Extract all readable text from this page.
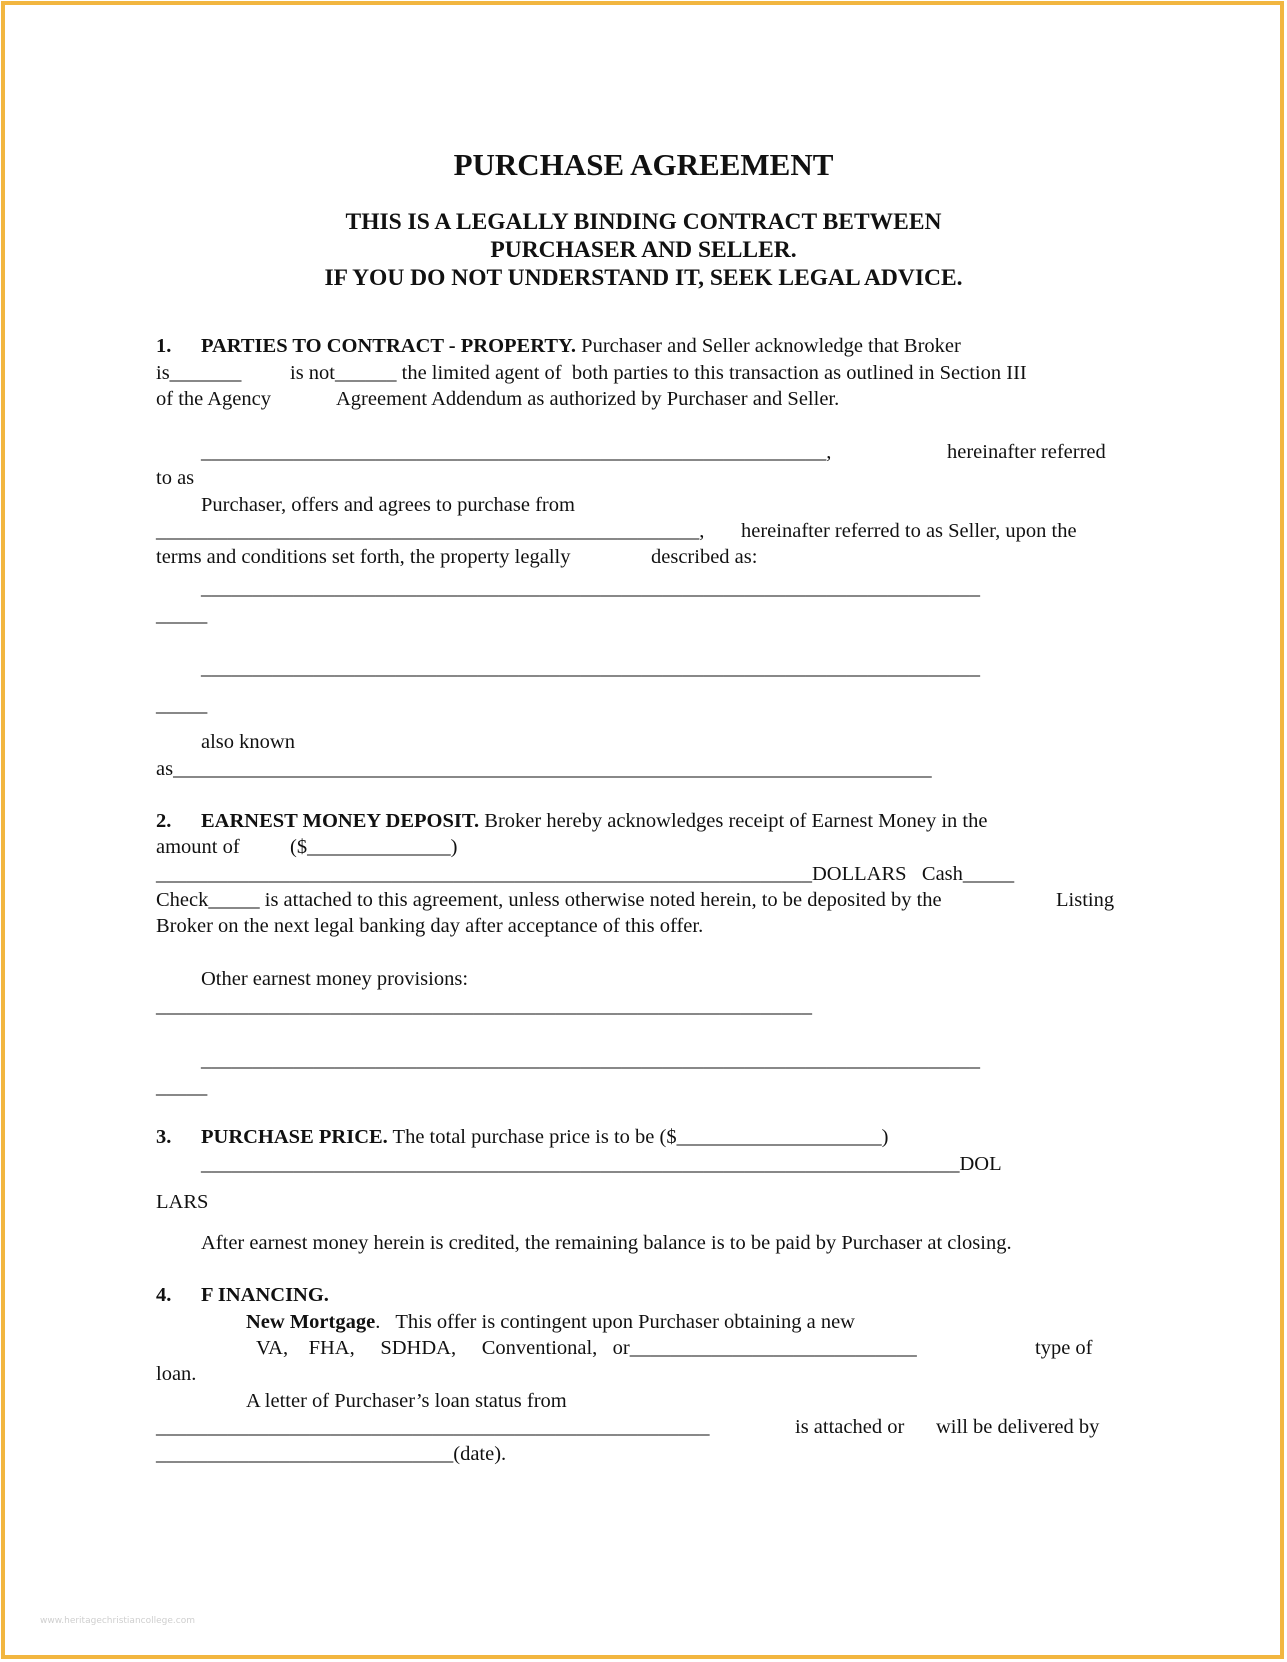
PURCHASE AGREEMENT
THIS IS A LEGALLY BINDING CONTRACT BETWEEN
PURCHASER AND SELLER.
IF YOU DO NOT UNDERSTAND IT, SEEK LEGAL ADVICE.
1. PARTIES TO CONTRACT - PROPERTY. Purchaser and Seller acknowledge that Broker
is_______ is not______ the limited agent of  both parties to this transaction as outlined in Section III
of the Agency	Agreement Addendum as authorized by Purchaser and Seller.
_____________________________________________________________,	hereinafter referred
to as
Purchaser, offers and agrees to purchase from
_____________________________________________________, hereinafter referred to as Seller, upon the
terms and conditions set forth, the property legally	described as:
____________________________________________________________________________
_____
____________________________________________________________________________
_____
also known
as__________________________________________________________________________
2. EARNEST MONEY DEPOSIT. Broker hereby acknowledges receipt of Earnest Money in the
amount of ($______________)
________________________________________________________________DOLLARS   Cash_____
Check_____ is attached to this agreement, unless otherwise noted herein, to be deposited by the	Listing
Broker on the next legal banking day after acceptance of this offer.
Other earnest money provisions:
________________________________________________________________
____________________________________________________________________________
_____
3. PURCHASE PRICE. The total purchase price is to be ($____________________)
__________________________________________________________________________DOL
LARS
After earnest money herein is credited, the remaining balance is to be paid by Purchaser at closing.
4. F INANCING.
New Mortgage.   This offer is contingent upon Purchaser obtaining a new
VA,    FHA,     SDHDA,     Conventional,   or____________________________	type of
loan.
A letter of Purchaser’s loan status from
______________________________________________________	is attached or will be delivered by
_____________________________(date).
www.heritagechristiancollege.com
